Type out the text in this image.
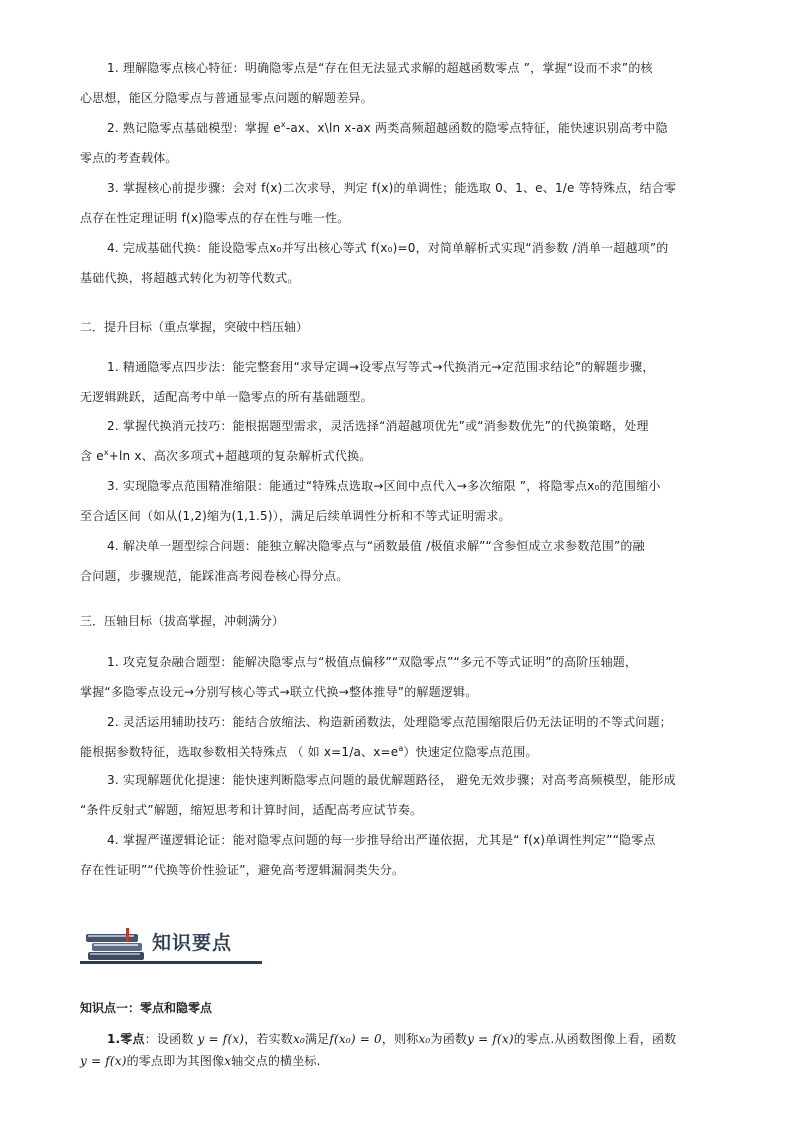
1. 理解隐零点核心特征：明确隐零点是“存在但无法显式求解的超越函数零点 ”，掌握“设而不求”的核
心思想，能区分隐零点与普通显零点问题的解题差异。
2. 熟记隐零点基础模型：掌握 $e^x-ax$、x\ln x-ax 两类高频超越函数的隐零点特征，能快速识别高考中隐
零点的考查载体。
3. 掌握核心前提步骤：会对 f(x)二次求导，判定 f(x)的单调性；能选取 0、1、e、1/e 等特殊点，结合零
点存在性定理证明 f(x)隐零点的存在性与唯一性。
4. 完成基础代换：能设隐零点x₀并写出核心等式 f(x₀)=0，对简单解析式实现“消参数 /消单一超越项”的
基础代换，将超越式转化为初等代数式。
二．提升目标（重点掌握，突破中档压轴）
1. 精通隐零点四步法：能完整套用“求导定调→设零点写等式→代换消元→定范围求结论”的解题步骤，
无逻辑跳跃，适配高考中单一隐零点的所有基础题型。
2. 掌握代换消元技巧：能根据题型需求，灵活选择“消超越项优先”或“消参数优先”的代换策略，处理
含 $e^x+\ln$ x、高次多项式+超越项的复杂解析式代换。
3. 实现隐零点范围精准缩限：能通过“特殊点选取→区间中点代入→多次缩限 ”，将隐零点x₀的范围缩小
至合适区间（如从(1,2)缩为(1,1.5)），满足后续单调性分析和不等式证明需求。
4. 解决单一题型综合问题：能独立解决隐零点与“函数最值 /极值求解”“含参恒成立求参数范围”的融
合问题，步骤规范，能踩准高考阅卷核心得分点。
三．压轴目标（拔高掌握，冲刺满分）
1. 攻克复杂融合题型：能解决隐零点与“极值点偏移”“双隐零点”“多元不等式证明”的高阶压轴题，
掌握“多隐零点设元→分别写核心等式→联立代换→整体推导”的解题逻辑。
2. 灵活运用辅助技巧：能结合放缩法、构造新函数法，处理隐零点范围缩限后仍无法证明的不等式问题；
能根据参数特征，选取参数相关特殊点 （ 如 x=1/a、$x=e^a$）快速定位隐零点范围。
3. 实现解题优化提速：能快速判断隐零点问题的最优解题路径， 避免无效步骤；对高考高频模型，能形成
“条件反射式”解题，缩短思考和计算时间，适配高考应试节奏。
4. 掌握严谨逻辑论证：能对隐零点问题的每一步推导给出严谨依据，尤其是“ f(x)单调性判定”“隐零点
存在性证明”“代换等价性验证”，避免高考逻辑漏洞类失分。
知识要点
知识点一：零点和隐零点
1.零点：设函数 y = f(x)，若实数x₀满足f(x₀) = 0，则称x₀为函数y = f(x)的零点.从函数图像上看，函数
y = f(x)的零点即为其图像x轴交点的横坐标.
